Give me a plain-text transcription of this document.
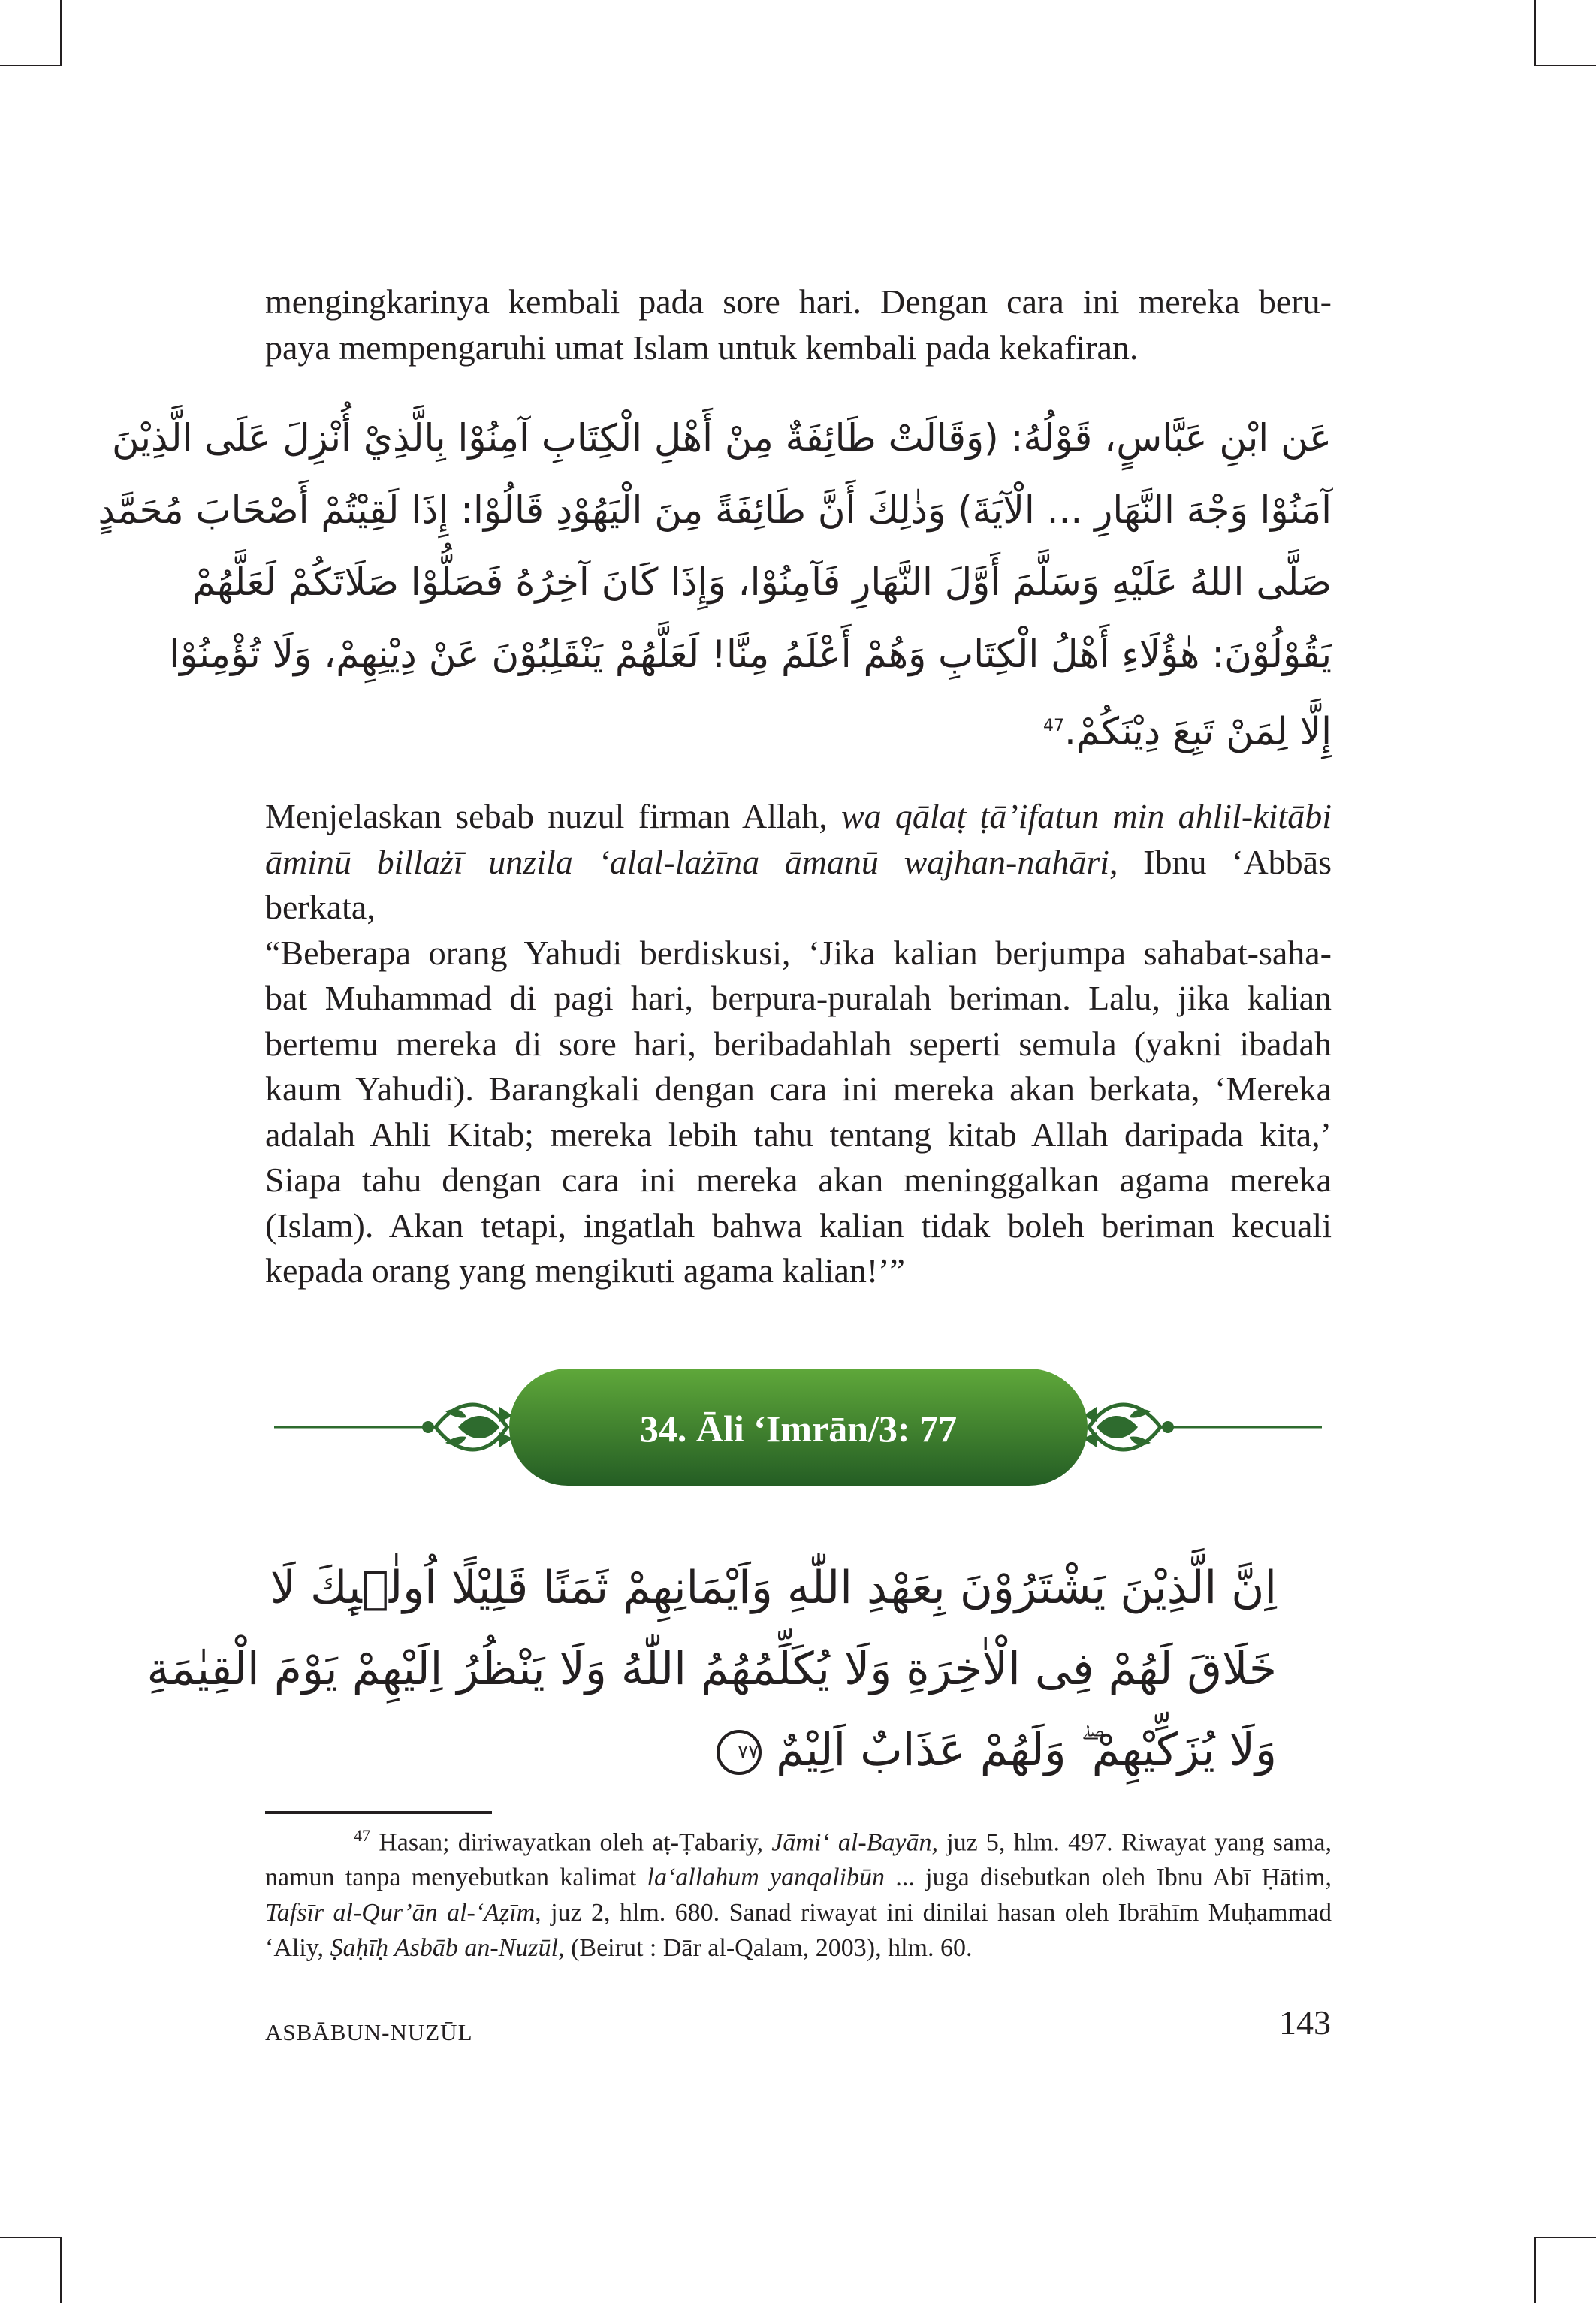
mengingkarinya kembali pada sore hari. Dengan cara ini mereka beru-
paya mempengaruhi umat Islam untuk kembali pada kekafiran.

عَن ابْنِ عَبَّاسٍ، قَوْلُهُ: (وَقَالَتْ طَائِفَةٌ مِنْ أَهْلِ الْكِتَابِ آمِنُوْا بِالَّذِيْ أُنْزِلَ عَلَى الَّذِيْنَ
آمَنُوْا وَجْهَ النَّهَارِ ... الْآيَةَ) وَذٰلِكَ أَنَّ طَائِفَةً مِنَ الْيَهُوْدِ قَالُوْا: إِذَا لَقِيْتُمْ أَصْحَابَ مُحَمَّدٍ
صَلَّى اللهُ عَلَيْهِ وَسَلَّمَ أَوَّلَ النَّهَارِ فَآمِنُوْا، وَإِذَا كَانَ آخِرُهُ فَصَلُّوْا صَلَاتَكُمْ لَعَلَّهُمْ
يَقُوْلُوْنَ: هٰؤُلَاءِ أَهْلُ الْكِتَابِ وَهُمْ أَعْلَمُ مِنَّا! لَعَلَّهُمْ يَنْقَلِبُوْنَ عَنْ دِيْنِهِمْ، وَلَا تُؤْمِنُوْا
إِلَّا لِمَنْ تَبِعَ دِيْنَكُمْ.$^{47}$

Menjelaskan sebab nuzul firman Allah, wa qālaṭ ṭā’ifatun min ahlil-kitābi
āminū billażī unzila ‘alal-lażīna āmanū wajhan-nahāri, Ibnu ‘Abbās berkata,
“Beberapa orang Yahudi berdiskusi, ‘Jika kalian berjumpa sahabat-saha-
bat Muhammad di pagi hari, berpura-puralah beriman. Lalu, jika kalian
bertemu mereka di sore hari, beribadahlah seperti semula (yakni ibadah
kaum Yahudi). Barangkali dengan cara ini mereka akan berkata, ‘Mereka
adalah Ahli Kitab; mereka lebih tahu tentang kitab Allah daripada kita,’
Siapa tahu dengan cara ini mereka akan meninggalkan agama mereka
(Islam). Akan tetapi, ingatlah bahwa kalian tidak boleh beriman kecuali
kepada orang yang mengikuti agama kalian!’”

34. Āli ‘Imrān/3: 77
اِنَّ الَّذِيْنَ يَشْتَرُوْنَ بِعَهْدِ اللّٰهِ وَاَيْمَانِهِمْ ثَمَنًا قَلِيْلًا اُولٰۤىِٕكَ لَا
خَلَاقَ لَهُمْ فِى الْاٰخِرَةِ وَلَا يُكَلِّمُهُمُ اللّٰهُ وَلَا يَنْظُرُ اِلَيْهِمْ يَوْمَ الْقِيٰمَةِ
وَلَا يُزَكِّيْهِمْ ۖ وَلَهُمْ عَذَابٌ اَلِيْمٌ ٧٧

$^{47}$ Hasan; diriwayatkan oleh aṭ-Ṭabariy, Jāmi‘ al-Bayān, juz 5, hlm. 497. Riwayat yang sama,
namun tanpa menyebutkan kalimat la‘allahum yanqalibūn ... juga disebutkan oleh Ibnu Abī Ḥātim,
Tafsīr al-Qur’ān al-‘Aẓīm, juz 2, hlm. 680. Sanad riwayat ini dinilai hasan oleh Ibrāhīm Muḥammad
‘Aliy, Ṣaḥīḥ Asbāb an-Nuzūl, (Beirut : Dār al-Qalam, 2003), hlm. 60.

ASBĀBUN-NUZŪL	143
